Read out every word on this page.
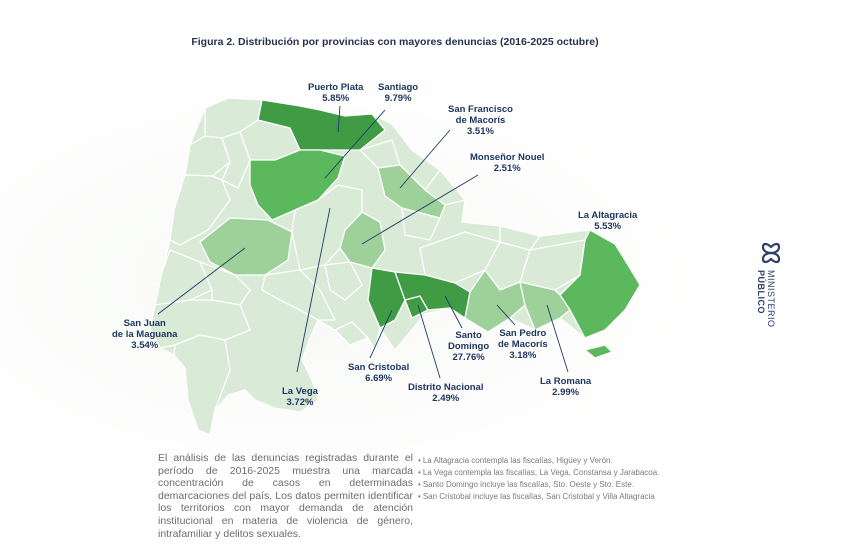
Figura 2. Distribución por provincias con mayores denuncias (2016-2025 octubre)
Puerto Plata
5.85%
Santiago
9.79%
San Francisco
de Macorís
3.51%
Monseñor Nouel
2.51%
La Altagracia
5.53%
San Juan
de la Maguana
3.54%
La Vega
3.72%
San Cristobal
6.69%
Distrito Nacional
2.49%
Santo
Domingo
27.76%
San Pedro
de Macorís
3.18%
La Romana
2.99%
MINISTERIO
PÚBLICO
El análisis de las denuncias registradas durante el período de 2016-2025 muestra una marcada concentración de casos en determinadas demarcaciones del país. Los datos permiten identificar los territorios con mayor demanda de atención institucional en materia de violencia de género, intrafamiliar y delitos sexuales.
• La Altagracia contempla las fiscalías, Higüey y Verón.
• La Vega contempla las fiscalías, La Vega, Constansa y Jarabacoa.
• Santo Domingo incluye las fiscalías, Sto. Oeste y Sto. Este.
• San Cristobal incluye las fiscalías, San Cristobal y Villa Altagracia
